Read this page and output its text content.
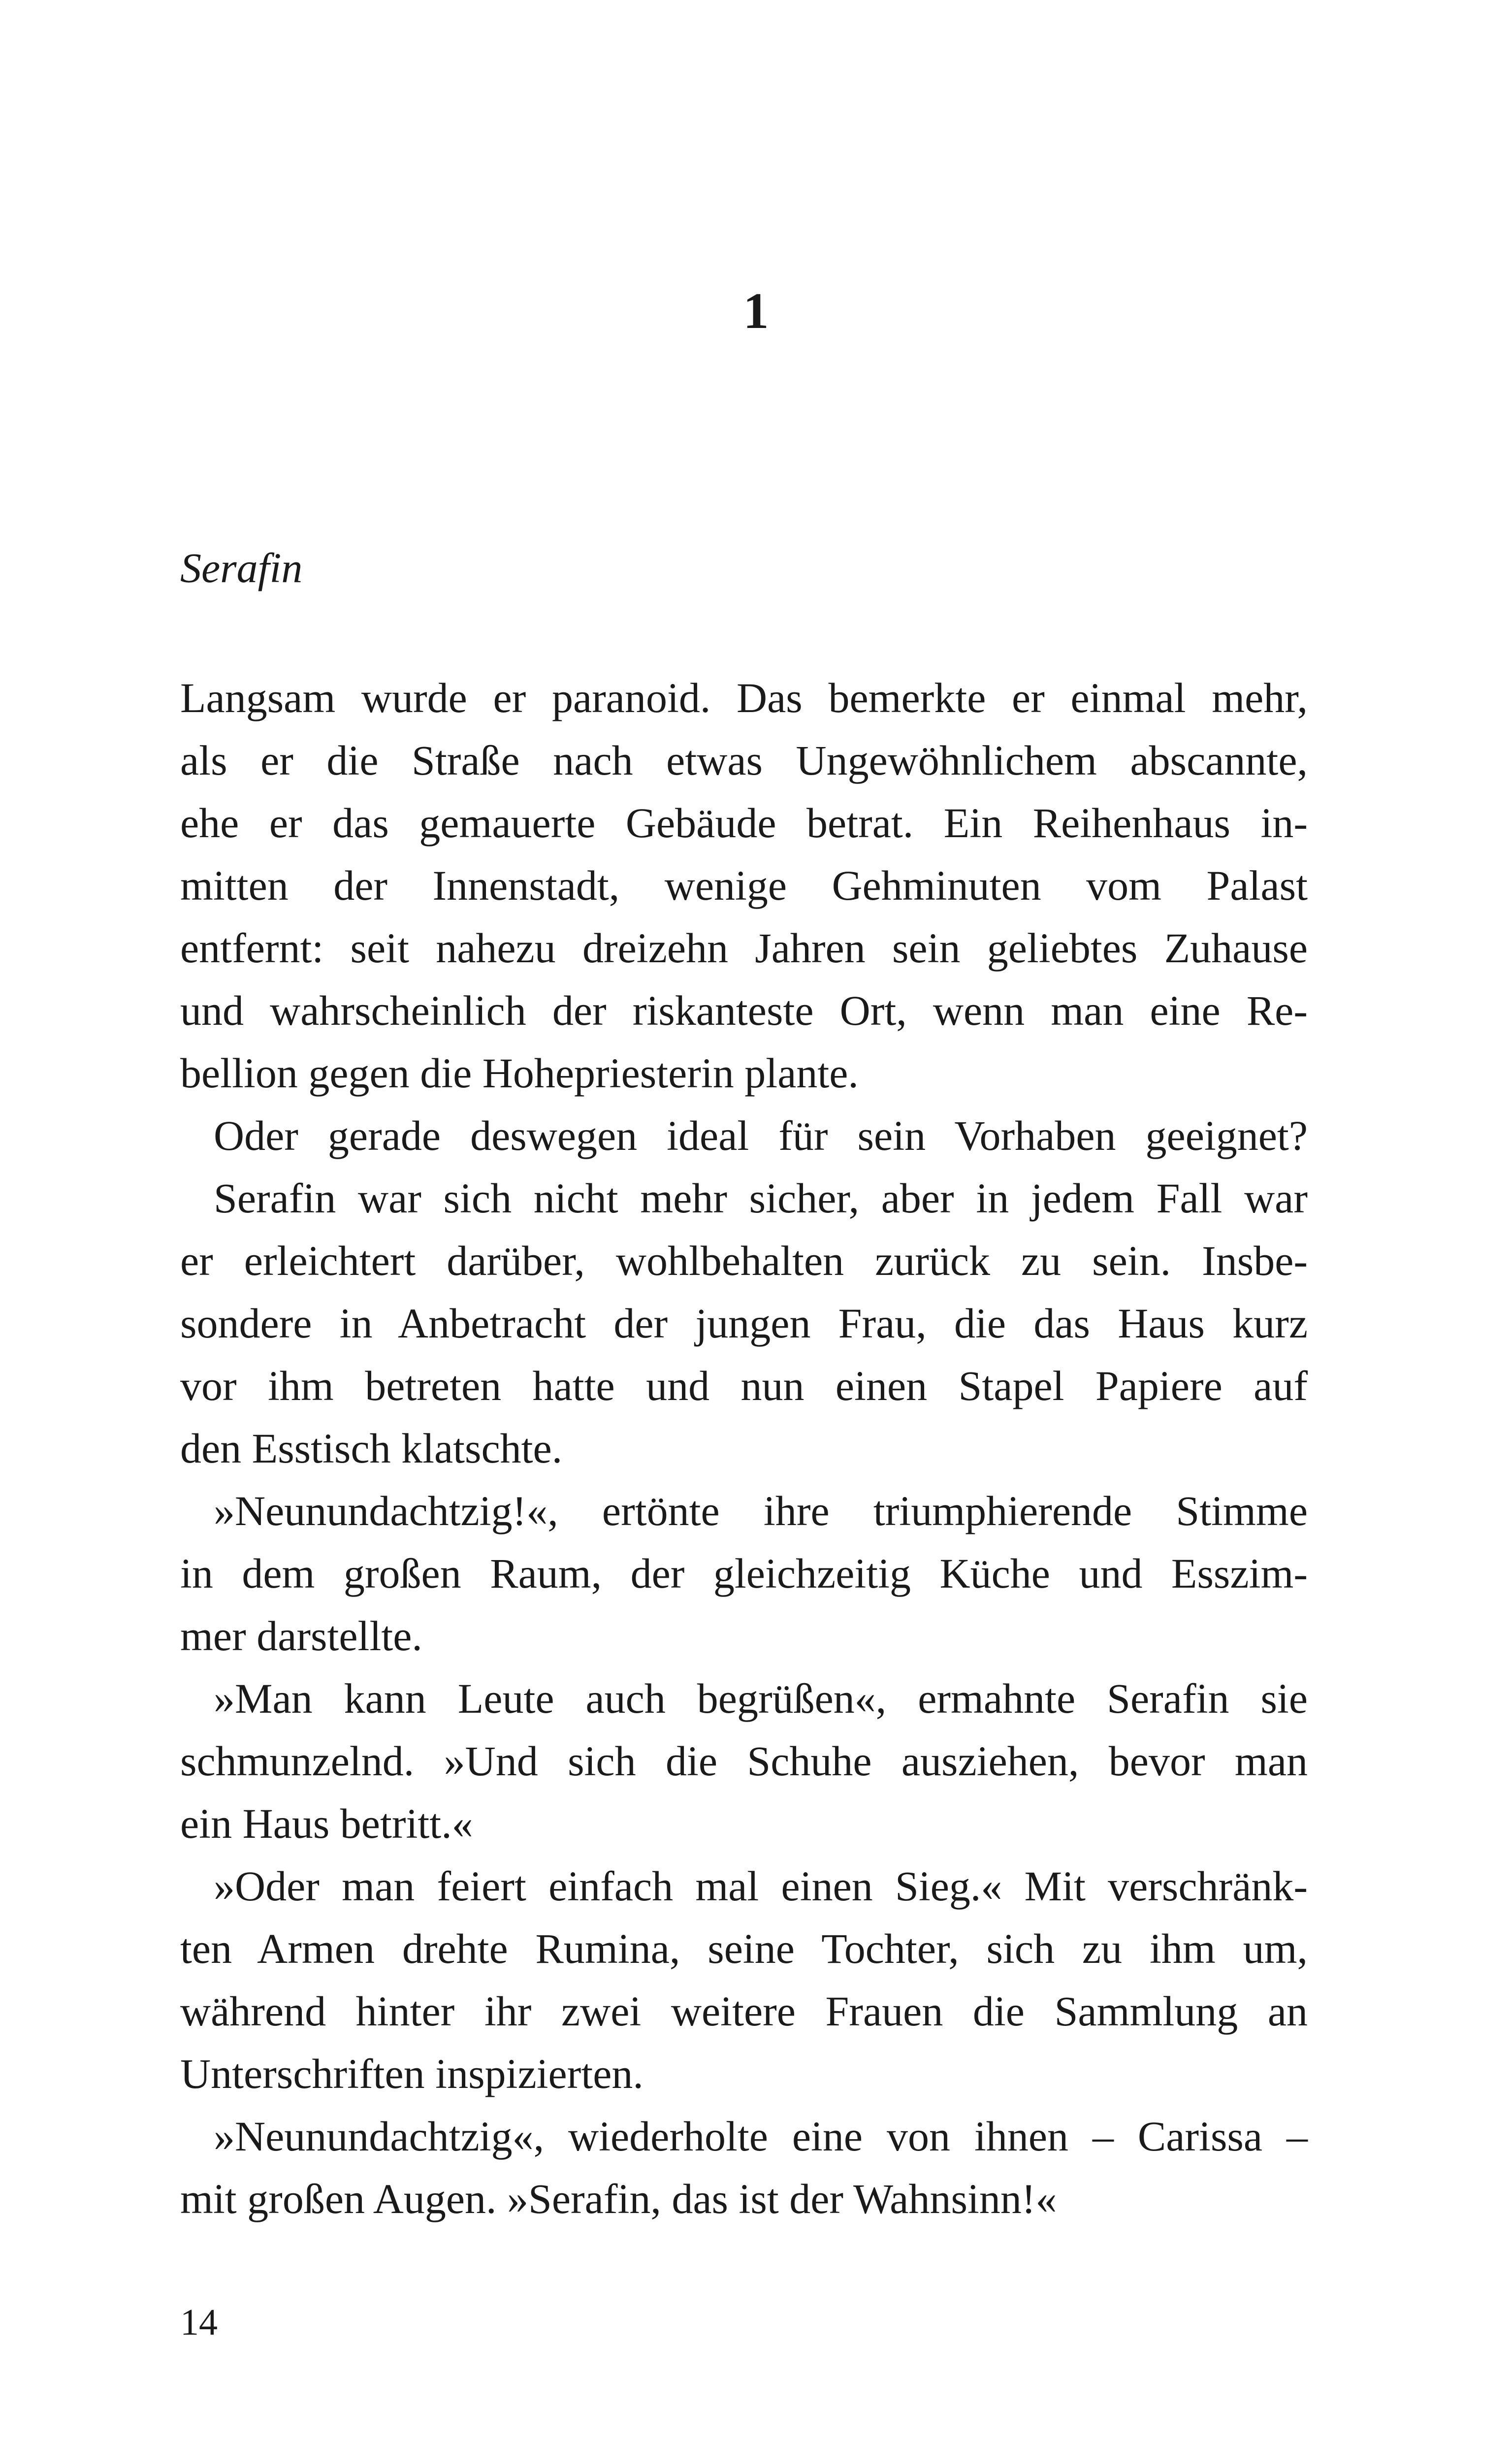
1
Serafin
Langsam wurde er paranoid. Das bemerkte er einmal mehr,
als er die Straße nach etwas Ungewöhnlichem abscannte,
ehe er das gemauerte Gebäude betrat. Ein Reihenhaus in-
mitten der Innenstadt, wenige Gehminuten vom Palast
entfernt: seit nahezu dreizehn Jahren sein geliebtes Zuhause
und wahrscheinlich der riskanteste Ort, wenn man eine Re-
bellion gegen die Hohepriesterin plante.
Oder gerade deswegen ideal für sein Vorhaben geeignet?
Serafin war sich nicht mehr sicher, aber in jedem Fall war
er erleichtert darüber, wohlbehalten zurück zu sein. Insbe-
sondere in Anbetracht der jungen Frau, die das Haus kurz
vor ihm betreten hatte und nun einen Stapel Papiere auf
den Esstisch klatschte.
»Neunundachtzig!«, ertönte ihre triumphierende Stimme
in dem großen Raum, der gleichzeitig Küche und Esszim-
mer darstellte.
»Man kann Leute auch begrüßen«, ermahnte Serafin sie
schmunzelnd. »Und sich die Schuhe ausziehen, bevor man
ein Haus betritt.«
»Oder man feiert einfach mal einen Sieg.« Mit verschränk-
ten Armen drehte Rumina, seine Tochter, sich zu ihm um,
während hinter ihr zwei weitere Frauen die Sammlung an
Unterschriften inspizierten.
»Neunundachtzig«, wiederholte eine von ihnen – Carissa –
mit großen Augen. »Serafin, das ist der Wahnsinn!«
14
